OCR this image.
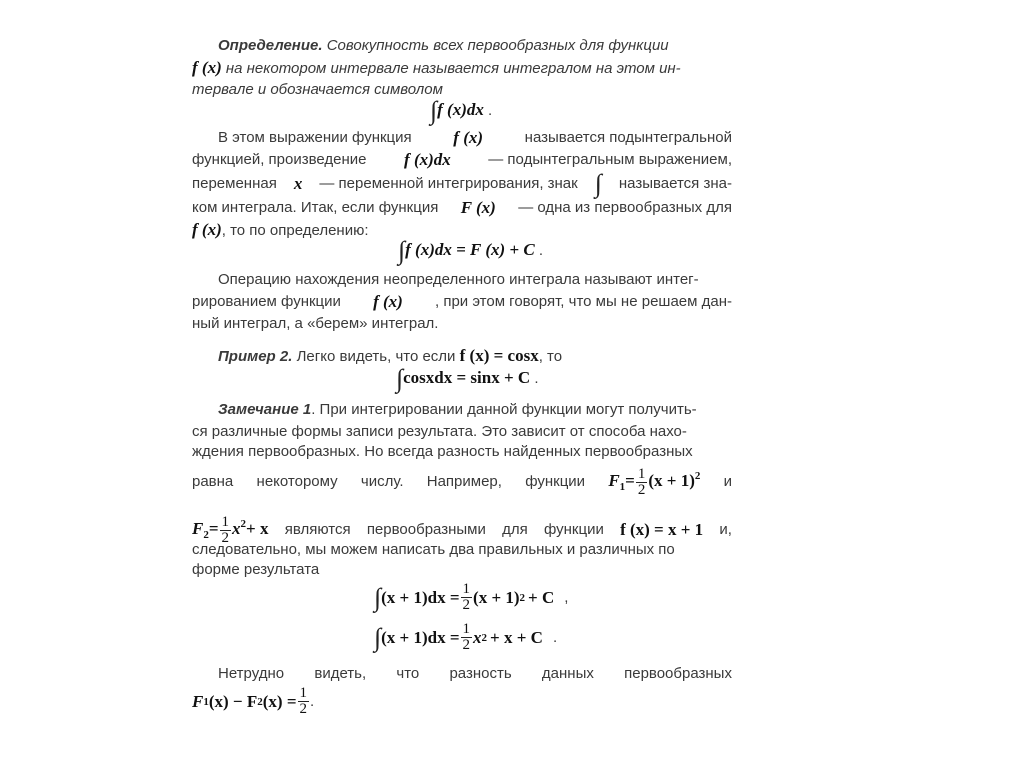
Определение. Совокупность всех первообразных для функции
f (x) на некотором интервале называется интегралом на этом ин-
тервале и обозначается символом
∫f (x)dx .
В этом выражении функция f (x)	называется подынтегральной
функцией, произведение f (x)dx	— подынтегральным выражением,
переменная x — переменной интегрирования, знак ∫ называется зна-
ком интеграла. Итак, если функция F (x) — одна из первообразных для
f (x), то по определению:
∫f (x)dx = F (x) + C .
Операцию нахождения неопределенного интеграла называют интег-
рированием функции f (x) , при этом говорят, что мы не решаем дан-
ный интеграл, а «берем» интеграл.
Пример 2. Легко видеть, что если f (x) = cosx, то
∫cosxdx = sinx + C .
Замечание 1. При интегрировании данной функции могут получить-
ся различные формы записи результата. Это зависит от способа нахо-
ждения первообразных. Но всегда разность найденных первообразных
равна некоторому числу. Например, функции $F_1= \frac{1}{2} (x + 1)^2$ и
$F_2= \frac{1}{2} x^2+ x$ являются первообразными для функции f (x) = x + 1 и,
следовательно, мы можем написать два правильных и различных по
форме результата
∫ $(x + 1)dx = \frac{1}{2} (x + 1) 2 + C$ ,
∫ $(x + 1)dx = \frac{1}{2}$ x 2 + x + C .
Нетрудно видеть, что разность данных первообразных
F 1 (x) − F 2 $(x) = \frac{1}{2}$ .
